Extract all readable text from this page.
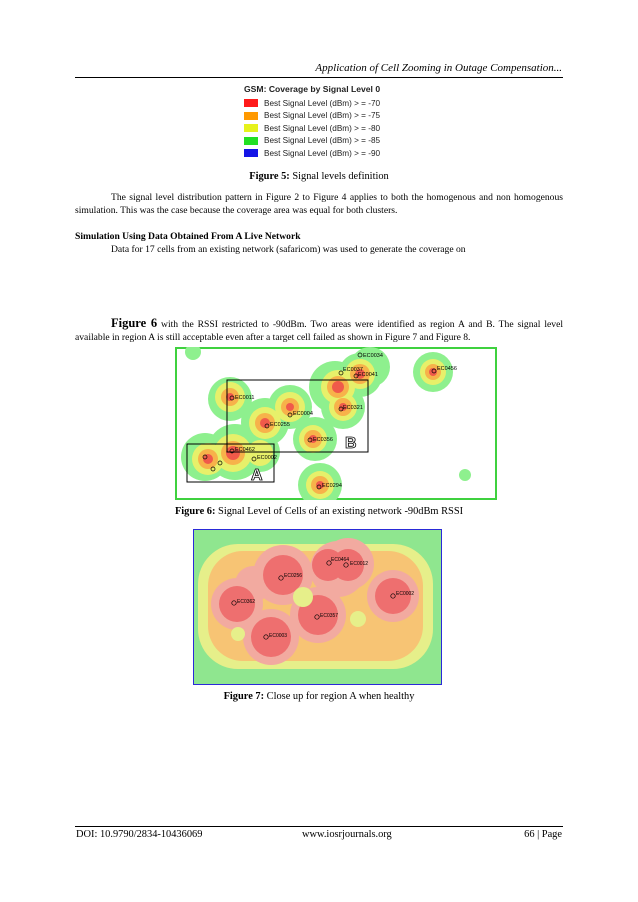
Application of Cell Zooming in Outage Compensation...
GSM: Coverage by Signal Level 0
Best Signal Level (dBm) > = -70
Best Signal Level (dBm) > = -75
Best Signal Level (dBm) > = -80
Best Signal Level (dBm) > = -85
Best Signal Level (dBm) > = -90
Figure 5: Signal levels definition
The signal level distribution pattern in Figure 2 to Figure 4 applies to both the homogenous and non homogenous simulation. This was the case because the coverage area was equal for both clusters.
Simulation Using Data Obtained From A Live Network
Data for 17 cells from an existing network (safaricom) was used to generate the coverage on
Figure 6 with the RSSI restricted to -90dBm. Two areas were identified as region A and B. The signal level available in region A is still acceptable even after a target cell failed as shown in Figure 7 and Figure 8.
B
A
EC0034
EC0037
EC0041
EC0456
EC0011
EC0321
EC0004
EC0255
EC0356
EC0462
EC0002
EC0294
Figure 6: Signal Level of Cells of an existing network -90dBm RSSI
EC0464
EC0012
EC0256
EC0362
EC0002
EC0357
EC0003
Figure 7: Close up for region A when healthy
DOI: 10.9790/2834-10436069	www.iosrjournals.org	66 | Page
